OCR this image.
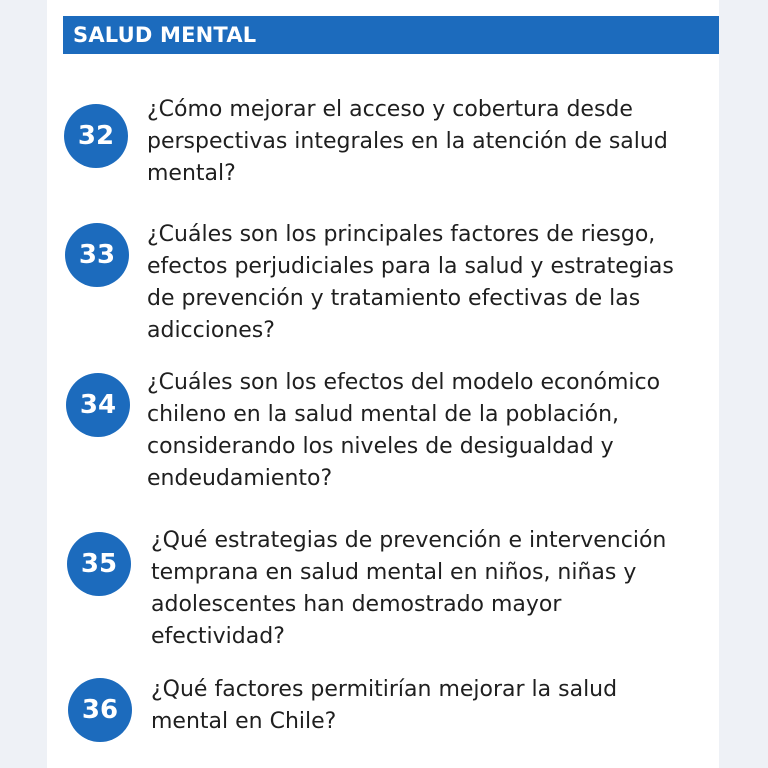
SALUD MENTAL
32

¿Cómo mejorar el acceso y cobertura desde
perspectivas integrales en la atención de salud
mental?

33

¿Cuáles son los principales factores de riesgo,
efectos perjudiciales para la salud y estrategias
de prevención y tratamiento efectivas de las
adicciones?

34

¿Cuáles son los efectos del modelo económico
chileno en la salud mental de la población,
considerando los niveles de desigualdad y
endeudamiento?

35

¿Qué estrategias de prevención e intervención
temprana en salud mental en niños, niñas y
adolescentes han demostrado mayor
efectividad?

36

¿Qué factores permitirían mejorar la salud
mental en Chile?
